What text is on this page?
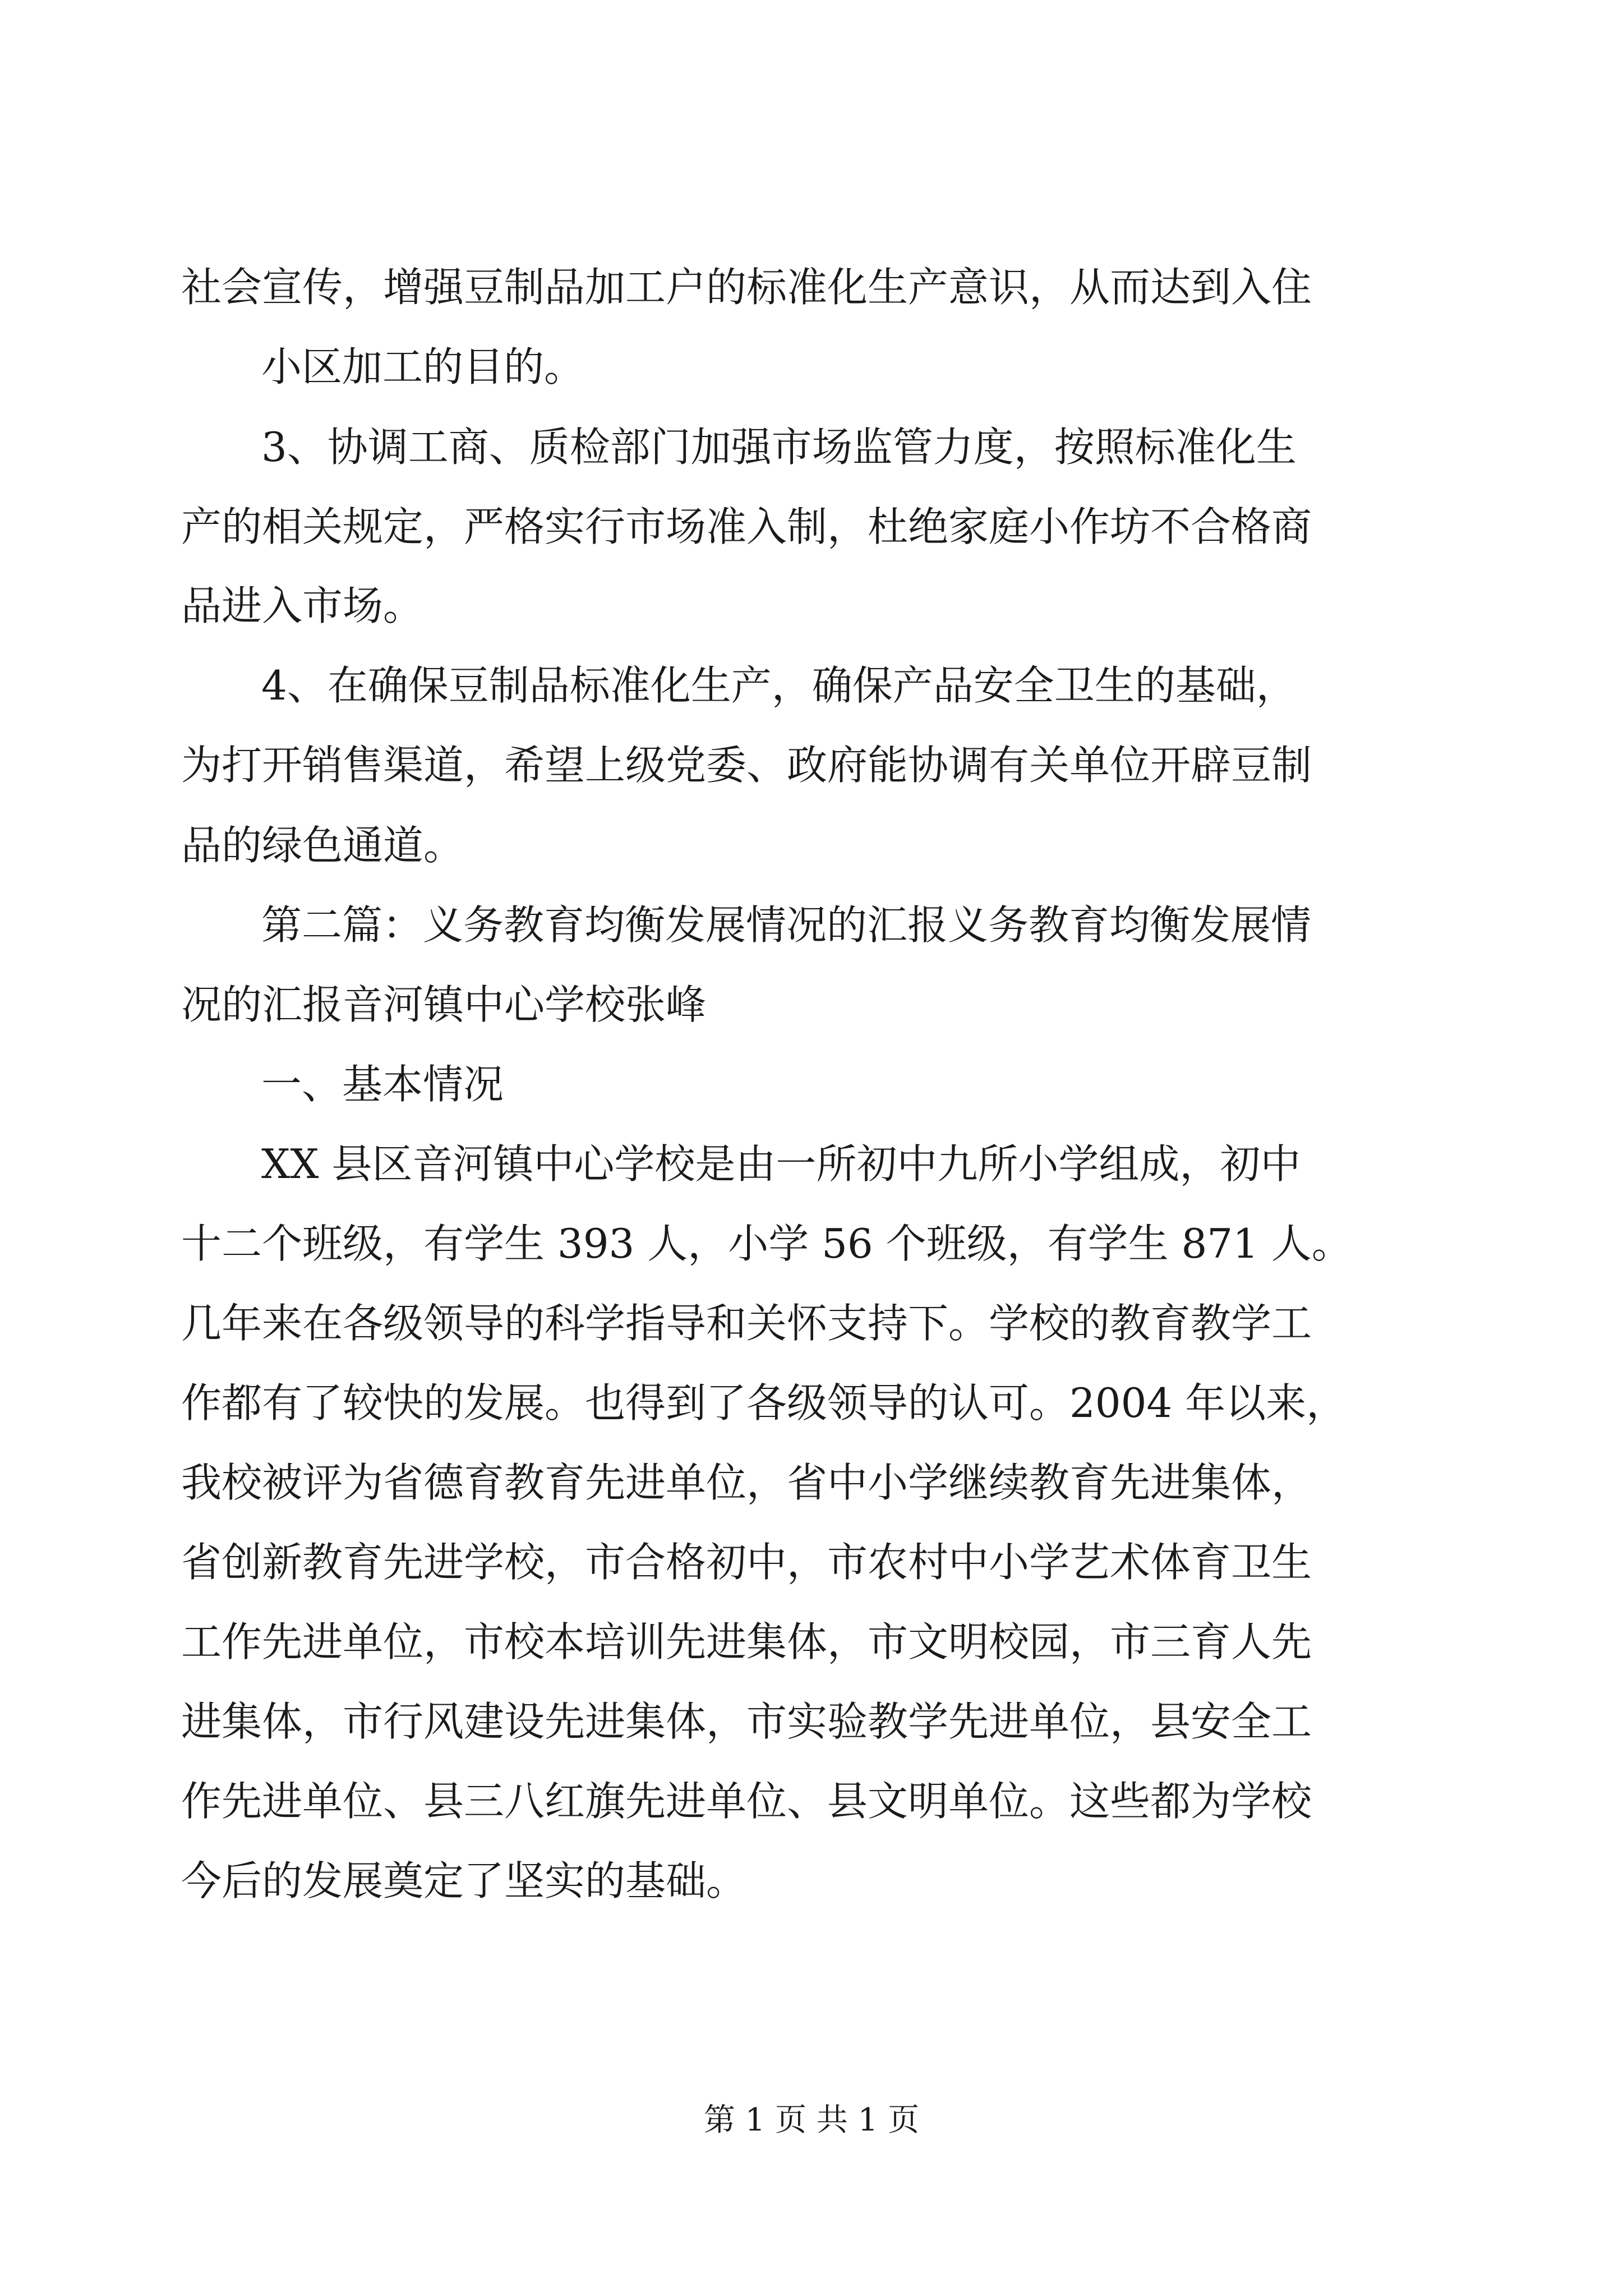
社会宣传，增强豆制品加工户的标准化生产意识，从而达到入住
小区加工的目的。
3、协调工商、质检部门加强市场监管力度，按照标准化生
产的相关规定，严格实行市场准入制，杜绝家庭小作坊不合格商
品进入市场。
4、在确保豆制品标准化生产，确保产品安全卫生的基础，
为打开销售渠道，希望上级党委、政府能协调有关单位开辟豆制
品的绿色通道。
第二篇：义务教育均衡发展情况的汇报义务教育均衡发展情
况的汇报音河镇中心学校张峰
一、基本情况
XX 县区音河镇中心学校是由一所初中九所小学组成，初中
十二个班级，有学生 393 人，小学 56 个班级，有学生 871 人。
几年来在各级领导的科学指导和关怀支持下。学校的教育教学工
作都有了较快的发展。也得到了各级领导的认可。2004 年以来，
我校被评为省德育教育先进单位，省中小学继续教育先进集体，
省创新教育先进学校，市合格初中，市农村中小学艺术体育卫生
工作先进单位，市校本培训先进集体，市文明校园，市三育人先
进集体，市行风建设先进集体，市实验教学先进单位，县安全工
作先进单位、县三八红旗先进单位、县文明单位。这些都为学校
今后的发展奠定了坚实的基础。
第 1 页 共 1 页
